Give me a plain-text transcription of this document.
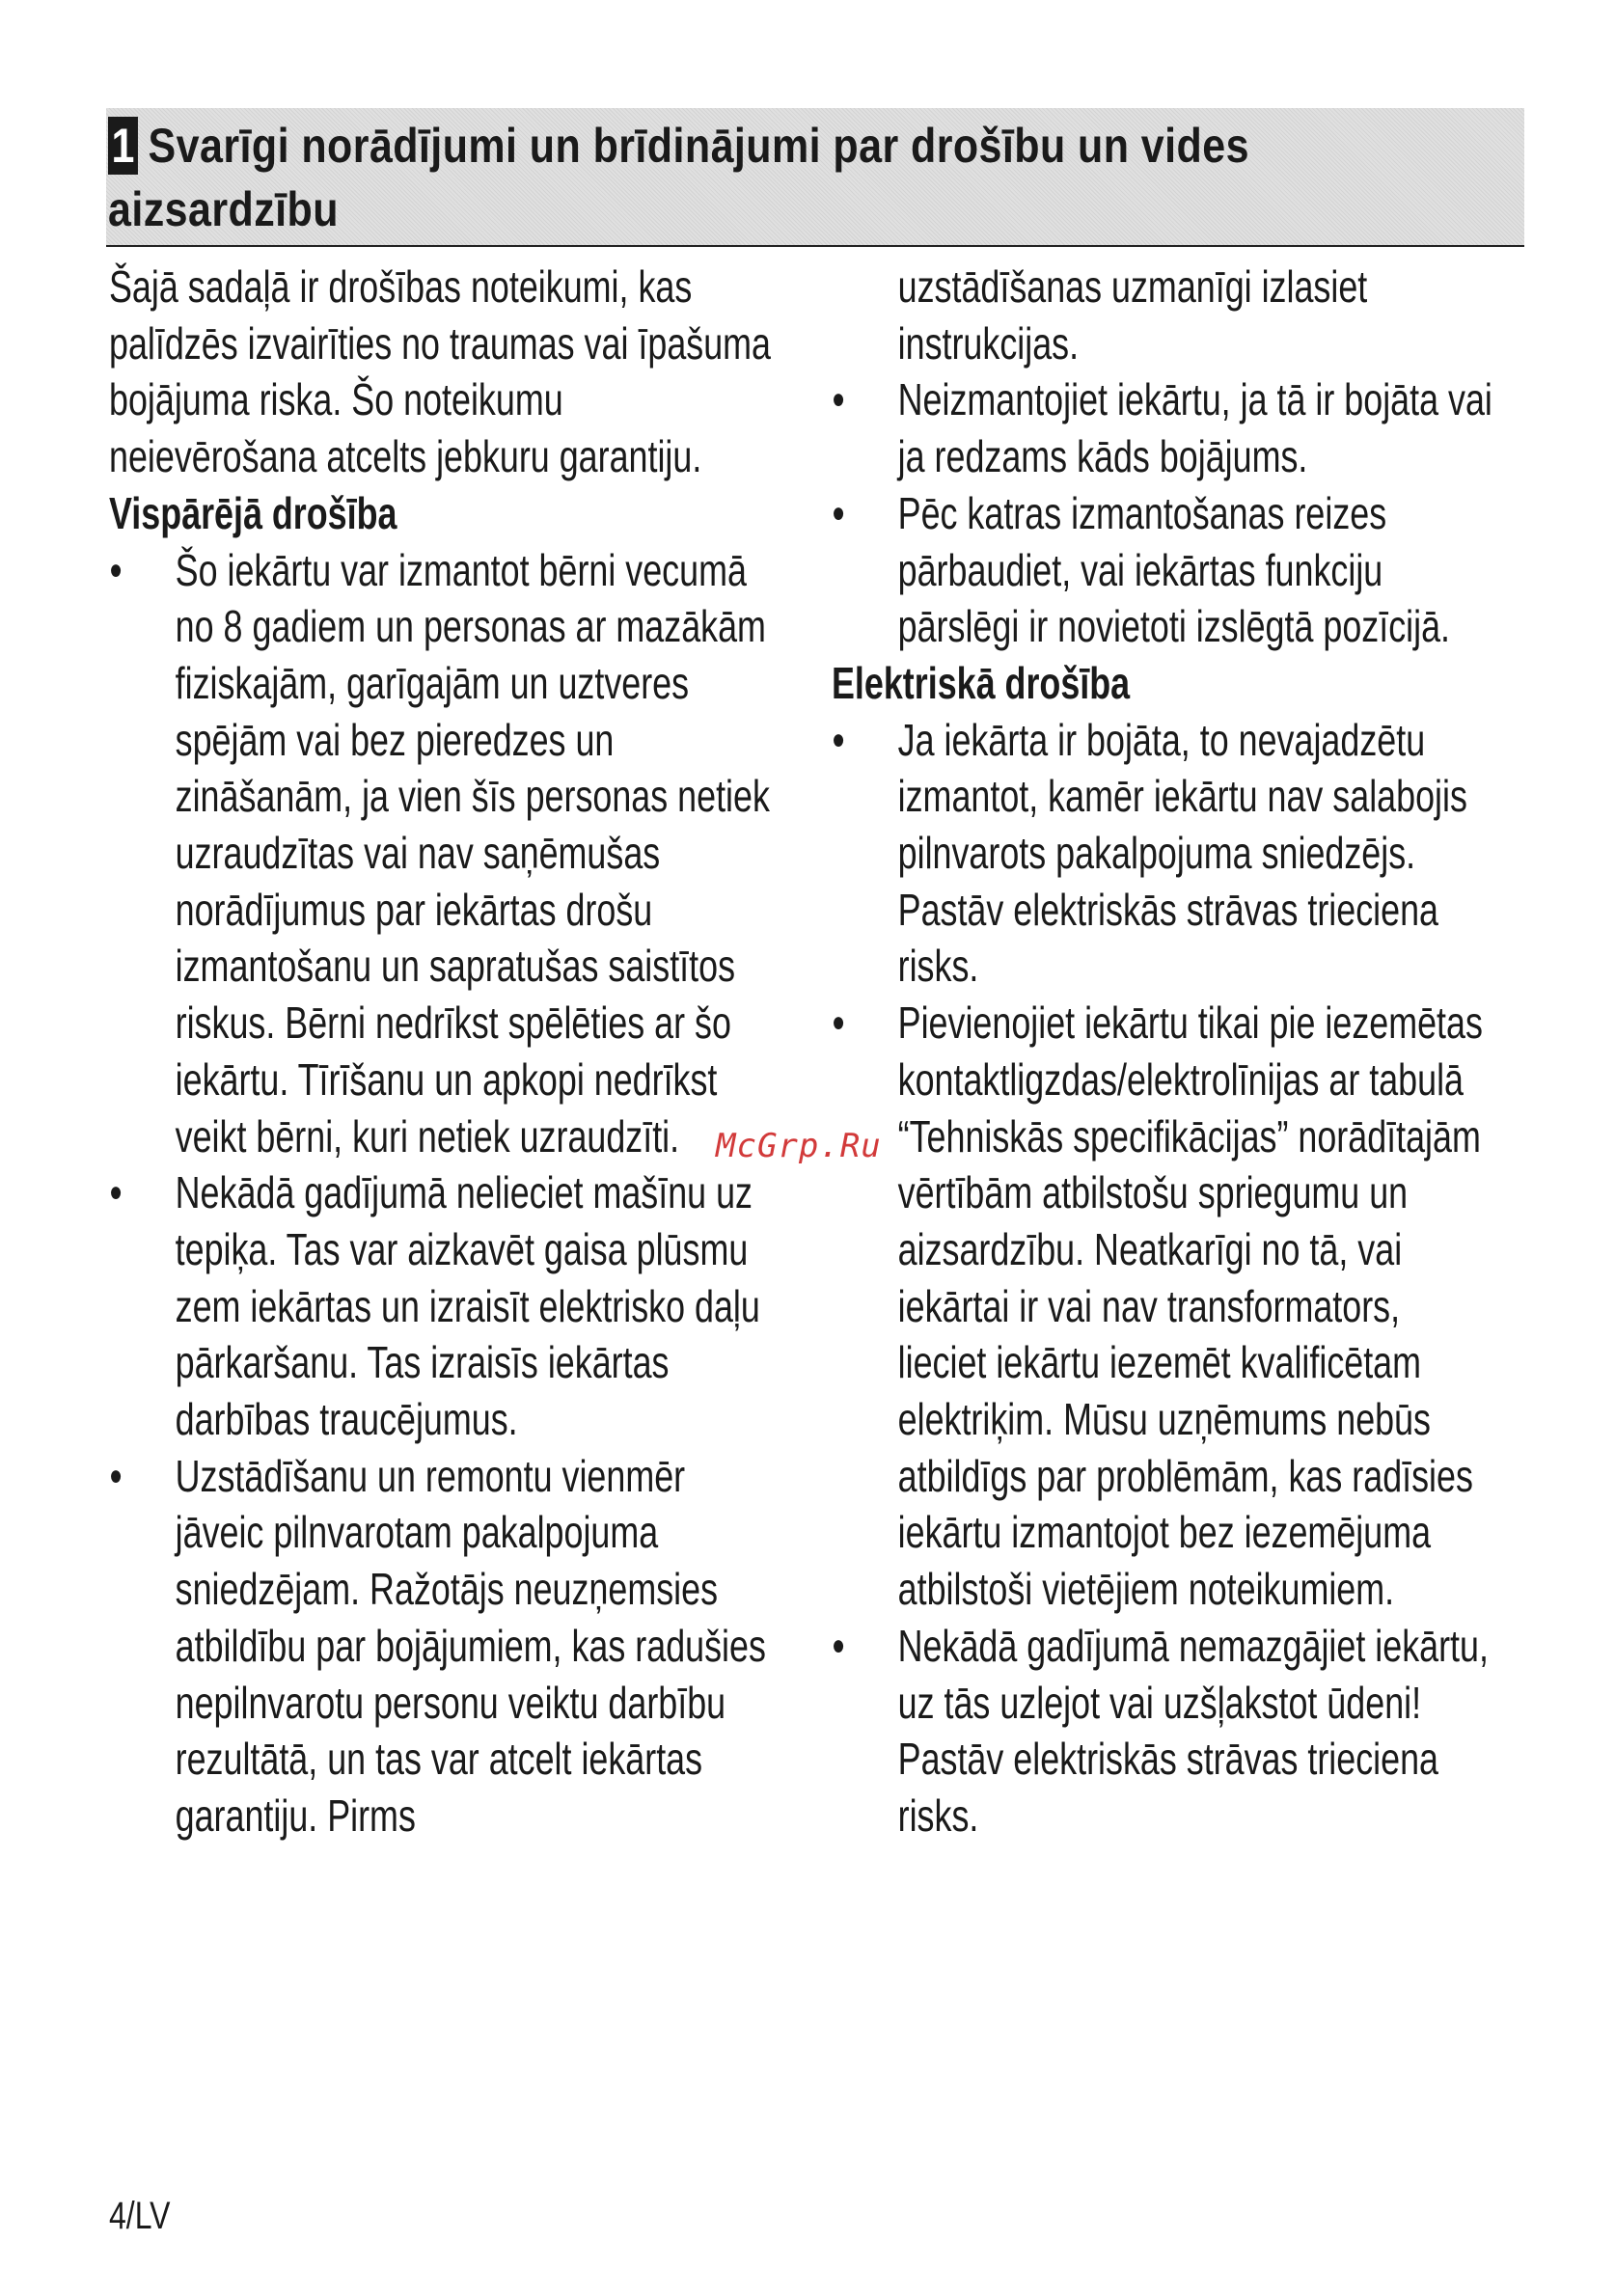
1 Svarīgi norādījumi un brīdinājumi par drošību un vides aizsardzību

Šajā sadaļā ir drošības noteikumi, kas palīdzēs izvairīties no traumas vai īpašuma bojājuma riska. Šo noteikumu neievērošana atcelts jebkuru garantiju.

Vispārējā drošība

● Šo iekārtu var izmantot bērni vecumā no 8 gadiem un personas ar mazākām fiziskajām, garīgajām un uztveres spējām vai bez pieredzes un zināšanām, ja vien šīs personas netiek uzraudzītas vai nav saņēmušas norādījumus par iekārtas drošu izmantošanu un sapratušas saistītos riskus. Bērni nedrīkst spēlēties ar šo iekārtu. Tīrīšanu un apkopi nedrīkst veikt bērni, kuri netiek uzraudzīti.
● Nekādā gadījumā nelieciet mašīnu uz tepiķa. Tas var aizkavēt gaisa plūsmu zem iekārtas un izraisīt elektrisko daļu pārkaršanu. Tas izraisīs iekārtas darbības traucējumus.
● Uzstādīšanu un remontu vienmēr jāveic pilnvarotam pakalpojuma sniedzējam. Ražotājs neuzņemsies atbildību par bojājumiem, kas radušies nepilnvarotu personu veiktu darbību rezultātā, un tas var atcelt iekārtas garantiju. Pirms

uzstādīšanas uzmanīgi izlasiet instrukcijas.

● Neizmantojiet iekārtu, ja tā ir bojāta vai ja redzams kāds bojājums.
● Pēc katras izmantošanas reizes pārbaudiet, vai iekārtas funkciju pārslēgi ir novietoti izslēgtā pozīcijā.

Elektriskā drošība

● Ja iekārta ir bojāta, to nevajadzētu izmantot, kamēr iekārtu nav salabojis pilnvarots pakalpojuma sniedzējs. Pastāv elektriskās strāvas trieciena risks.
● Pievienojiet iekārtu tikai pie iezemētas kontaktligzdas/elektrolīnijas ar tabulā “Tehniskās specifikācijas” norādītajām vērtībām atbilstošu spriegumu un aizsardzību. Neatkarīgi no tā, vai iekārtai ir vai nav transformators, lieciet iekārtu iezemēt kvalificētam elektriķim. Mūsu uzņēmums nebūs atbildīgs par problēmām, kas radīsies iekārtu izmantojot bez iezemējuma atbilstoši vietējiem noteikumiem.
● Nekādā gadījumā nemazgājiet iekārtu, uz tās uzlejot vai uzšļakstot ūdeni! Pastāv elektriskās strāvas trieciena risks.
McGrp.Ru
4/LV
